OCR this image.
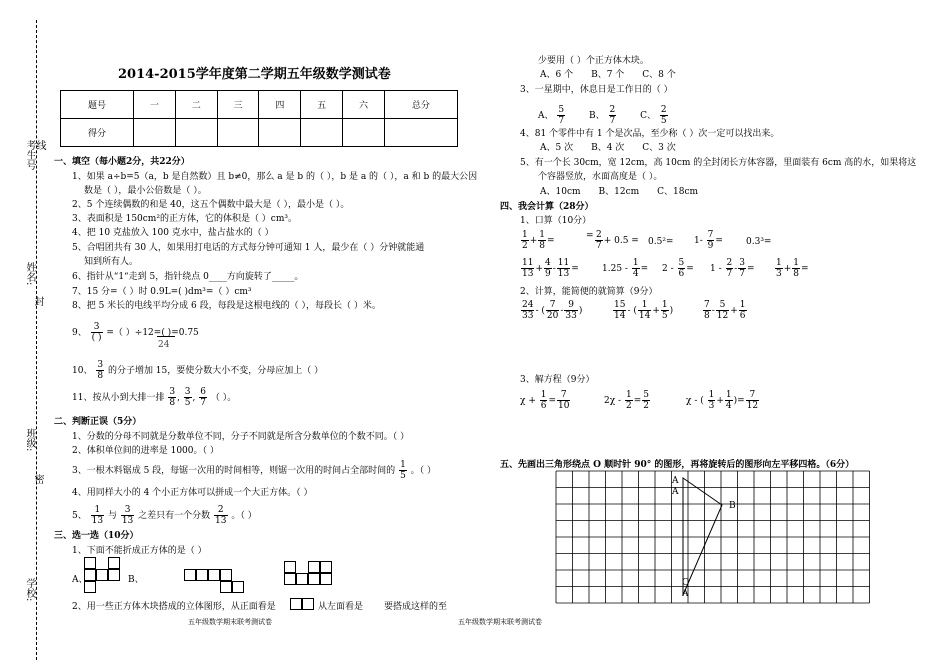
考生号 线
姓名:
封
班级:
密
学校:
2014-2015学年度第二学期五年级数学测试卷
题号	一	二	三	四	五	六	总分
得分							
一、填空（每小题2分，共22分）
1、如果 a÷b=5（a，b 是自然数）且 b≠0，那么 a 是 b 的（ ），b 是 a 的（ ），a 和 b 的最大公因
数是（ ），最小公倍数是（ ）。
2、5 个连续偶数的和是 40，这五个偶数中最大是（ ），最小是（ ）。
3、表面积是 150cm²的正方体，它的体积是（ ）cm³。
4、把 10 克盐放入 100 克水中，盐占盐水的（ ）
5、合唱团共有 30 人，如果用打电话的方式每分钟可通知 1 人，最少在（ ）分钟就能通
知到所有人。
6、指针从“1“走到 5，指针绕点 0____方向旋转了_____。
7、15 分=（ ）时 0.9L=( )dm³=（ ）cm³
8、把 5 米长的电线平均分成 6 段，每段是这根电线的（ ），每段长（ ）米。
9、 $\frac{3}{( )}$ =（ ）÷12=( )=0.75
24
10、 $\frac{3}{8}$ 的分子增加 15，要使分数大小不变，分母应加上（ ）
11、按从小到大排一排 $\frac{3}{8}$ , $\frac{3}{5}$ , $\frac{6}{7}$ （ ）。
二、判断正误（5分）
1、分数的分母不同就是分数单位不同，分子不同就是所含分数单位的个数不同。（ ）
2、体积单位间的进率是 1000。（ ）
3、一根木料锯成 5 段，每锯一次用的时间相等，则锯一次用的时间占全部时间的 $\frac{1}{5}$ 。（ ）
4、用同样大小的 4 个小正方体可以拼成一个大正方体。（ ）
5、 $\frac{1}{13}$ 与 $\frac{3}{13}$ 之差只有一个分数 $\frac{2}{13}$ 。（ ）
三、选一选（10分）
1、下面不能折成正方体的是（ ）
A、	B、
2、用一些正方体木块搭成的立体图形，从正面看是	从左面看是 要搭成这样的至
少要用（ ）个正方体木块。
A、6 个　　B、7 个　　C、8 个
3、一星期中，休息日是工作日的（ ）
A、 $\frac{5}{7}$	B、 $\frac{2}{7}$	C、 $\frac{2}{5}$
4、81 个零件中有 1 个是次品，至少称（ ）次一定可以找出来。
A、5 次　　B、4 次　　C、3 次
5、有一个长 30cm，宽 12cm，高 10cm 的全封闭长方体容器，里面装有 6cm 高的水，如果将这
个容器竖放，水面高度是（ ）。
A、10cm　　B、12cm　　C、18cm
四、我会计算（28分）
1、口算（10分）
$\frac{1}{2} + \frac{1}{8}$ =	= $\frac{2}{7} + 0.5 = 0.5^2= 1- \frac{7}{9}$ =	0.3³=
$\frac{11}{13} + \frac{4}{9} - \frac{11}{13}$ =	$1.25 - \frac{1}{4} = 2 - \frac{5}{6} = 1 - \frac{2}{7} - \frac{3}{7} = \frac{1}{3} + \frac{1}{8}$ =
2、计算，能简便的就简算（9分）
$\frac{24}{33}$ - ( $\frac{7}{20} - \frac{9}{33}$ )	$\frac{15}{14}$ - ( $\frac{1}{14} + \frac{1}{5}$ )	$\frac{7}{8} - \frac{5}{12} + \frac{1}{6}$
3、解方程（9分）
$\chi + \frac{1}{6} = \frac{7}{10}$	$2\chi - \frac{1}{2} = \frac{5}{2}$	χ - ( $\frac{1}{3} + \frac{1}{4}$ )= $\frac{7}{12}$
五、先画出三角形绕点 O 顺时针 90° 的图形，再将旋转后的图形向左平移四格。（6分）
A
A
B
O
A
五年级数学期末联考测试卷	五年级数学期末联考测试卷
